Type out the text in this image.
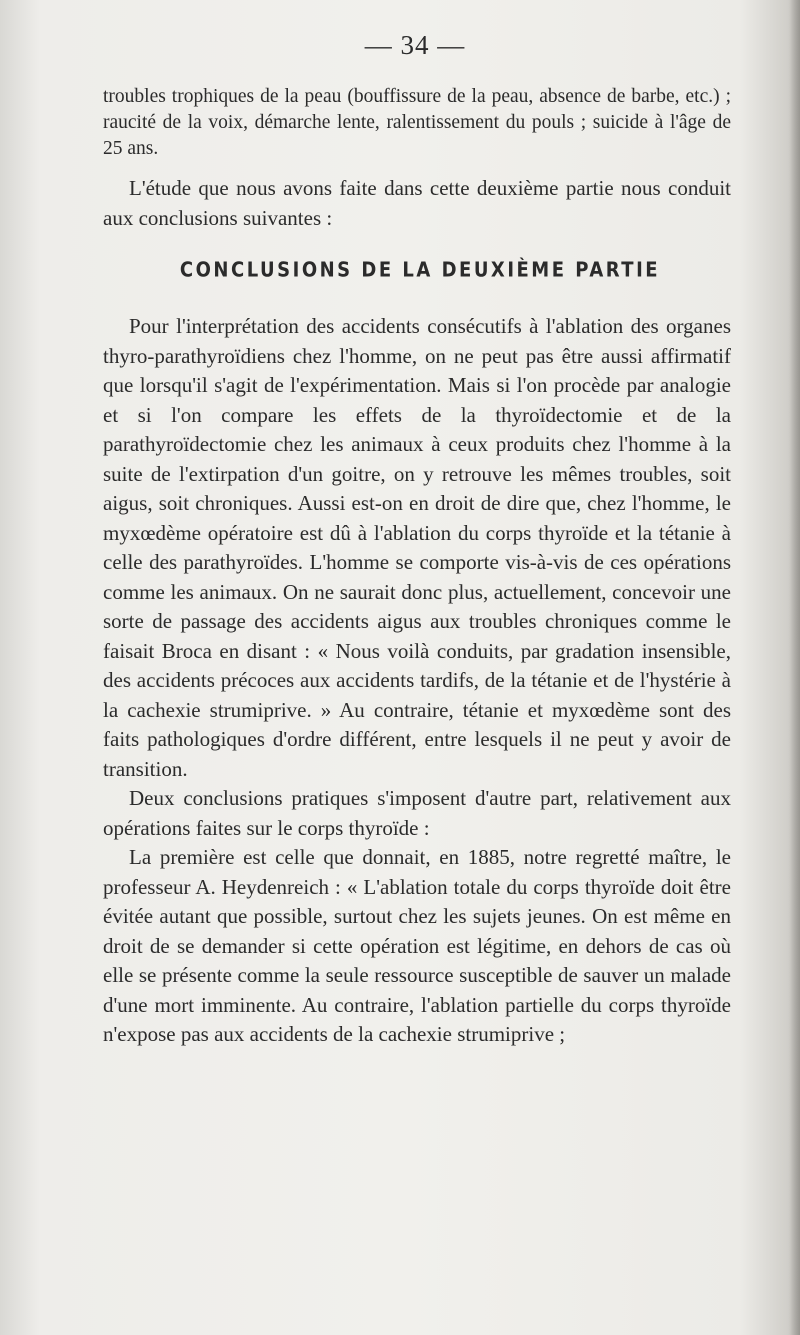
— 34 —
troubles trophiques de la peau (bouffissure de la peau, absence de barbe, etc.) ; raucité de la voix, démarche lente, ralentissement du pouls ; suicide à l'âge de 25 ans.

L'étude que nous avons faite dans cette deuxième partie nous conduit aux conclusions suivantes :

CONCLUSIONS DE LA DEUXIÈME PARTIE

Pour l'interprétation des accidents consécutifs à l'ablation des organes thyro-parathyroïdiens chez l'homme, on ne peut pas être aussi affirmatif que lorsqu'il s'agit de l'expérimentation. Mais si l'on procède par analogie et si l'on compare les effets de la thyroïdectomie et de la parathyroïdectomie chez les animaux à ceux produits chez l'homme à la suite de l'extirpation d'un goitre, on y retrouve les mêmes troubles, soit aigus, soit chroniques. Aussi est-on en droit de dire que, chez l'homme, le myxœdème opératoire est dû à l'ablation du corps thyroïde et la tétanie à celle des parathyroïdes. L'homme se comporte vis-à-vis de ces opérations comme les animaux. On ne saurait donc plus, actuellement, concevoir une sorte de passage des accidents aigus aux troubles chroniques comme le faisait Broca en disant : « Nous voilà conduits, par gradation insensible, des accidents précoces aux accidents tardifs, de la tétanie et de l'hystérie à la cachexie strumiprive. » Au contraire, tétanie et myxœdème sont des faits pathologiques d'ordre différent, entre lesquels il ne peut y avoir de transition.

Deux conclusions pratiques s'imposent d'autre part, relativement aux opérations faites sur le corps thyroïde :

La première est celle que donnait, en 1885, notre regretté maître, le professeur A. Heydenreich : « L'ablation totale du corps thyroïde doit être évitée autant que possible, surtout chez les sujets jeunes. On est même en droit de se demander si cette opération est légitime, en dehors de cas où elle se présente comme la seule ressource susceptible de sauver un malade d'une mort imminente. Au contraire, l'ablation partielle du corps thyroïde n'expose pas aux accidents de la cachexie strumiprive ;
